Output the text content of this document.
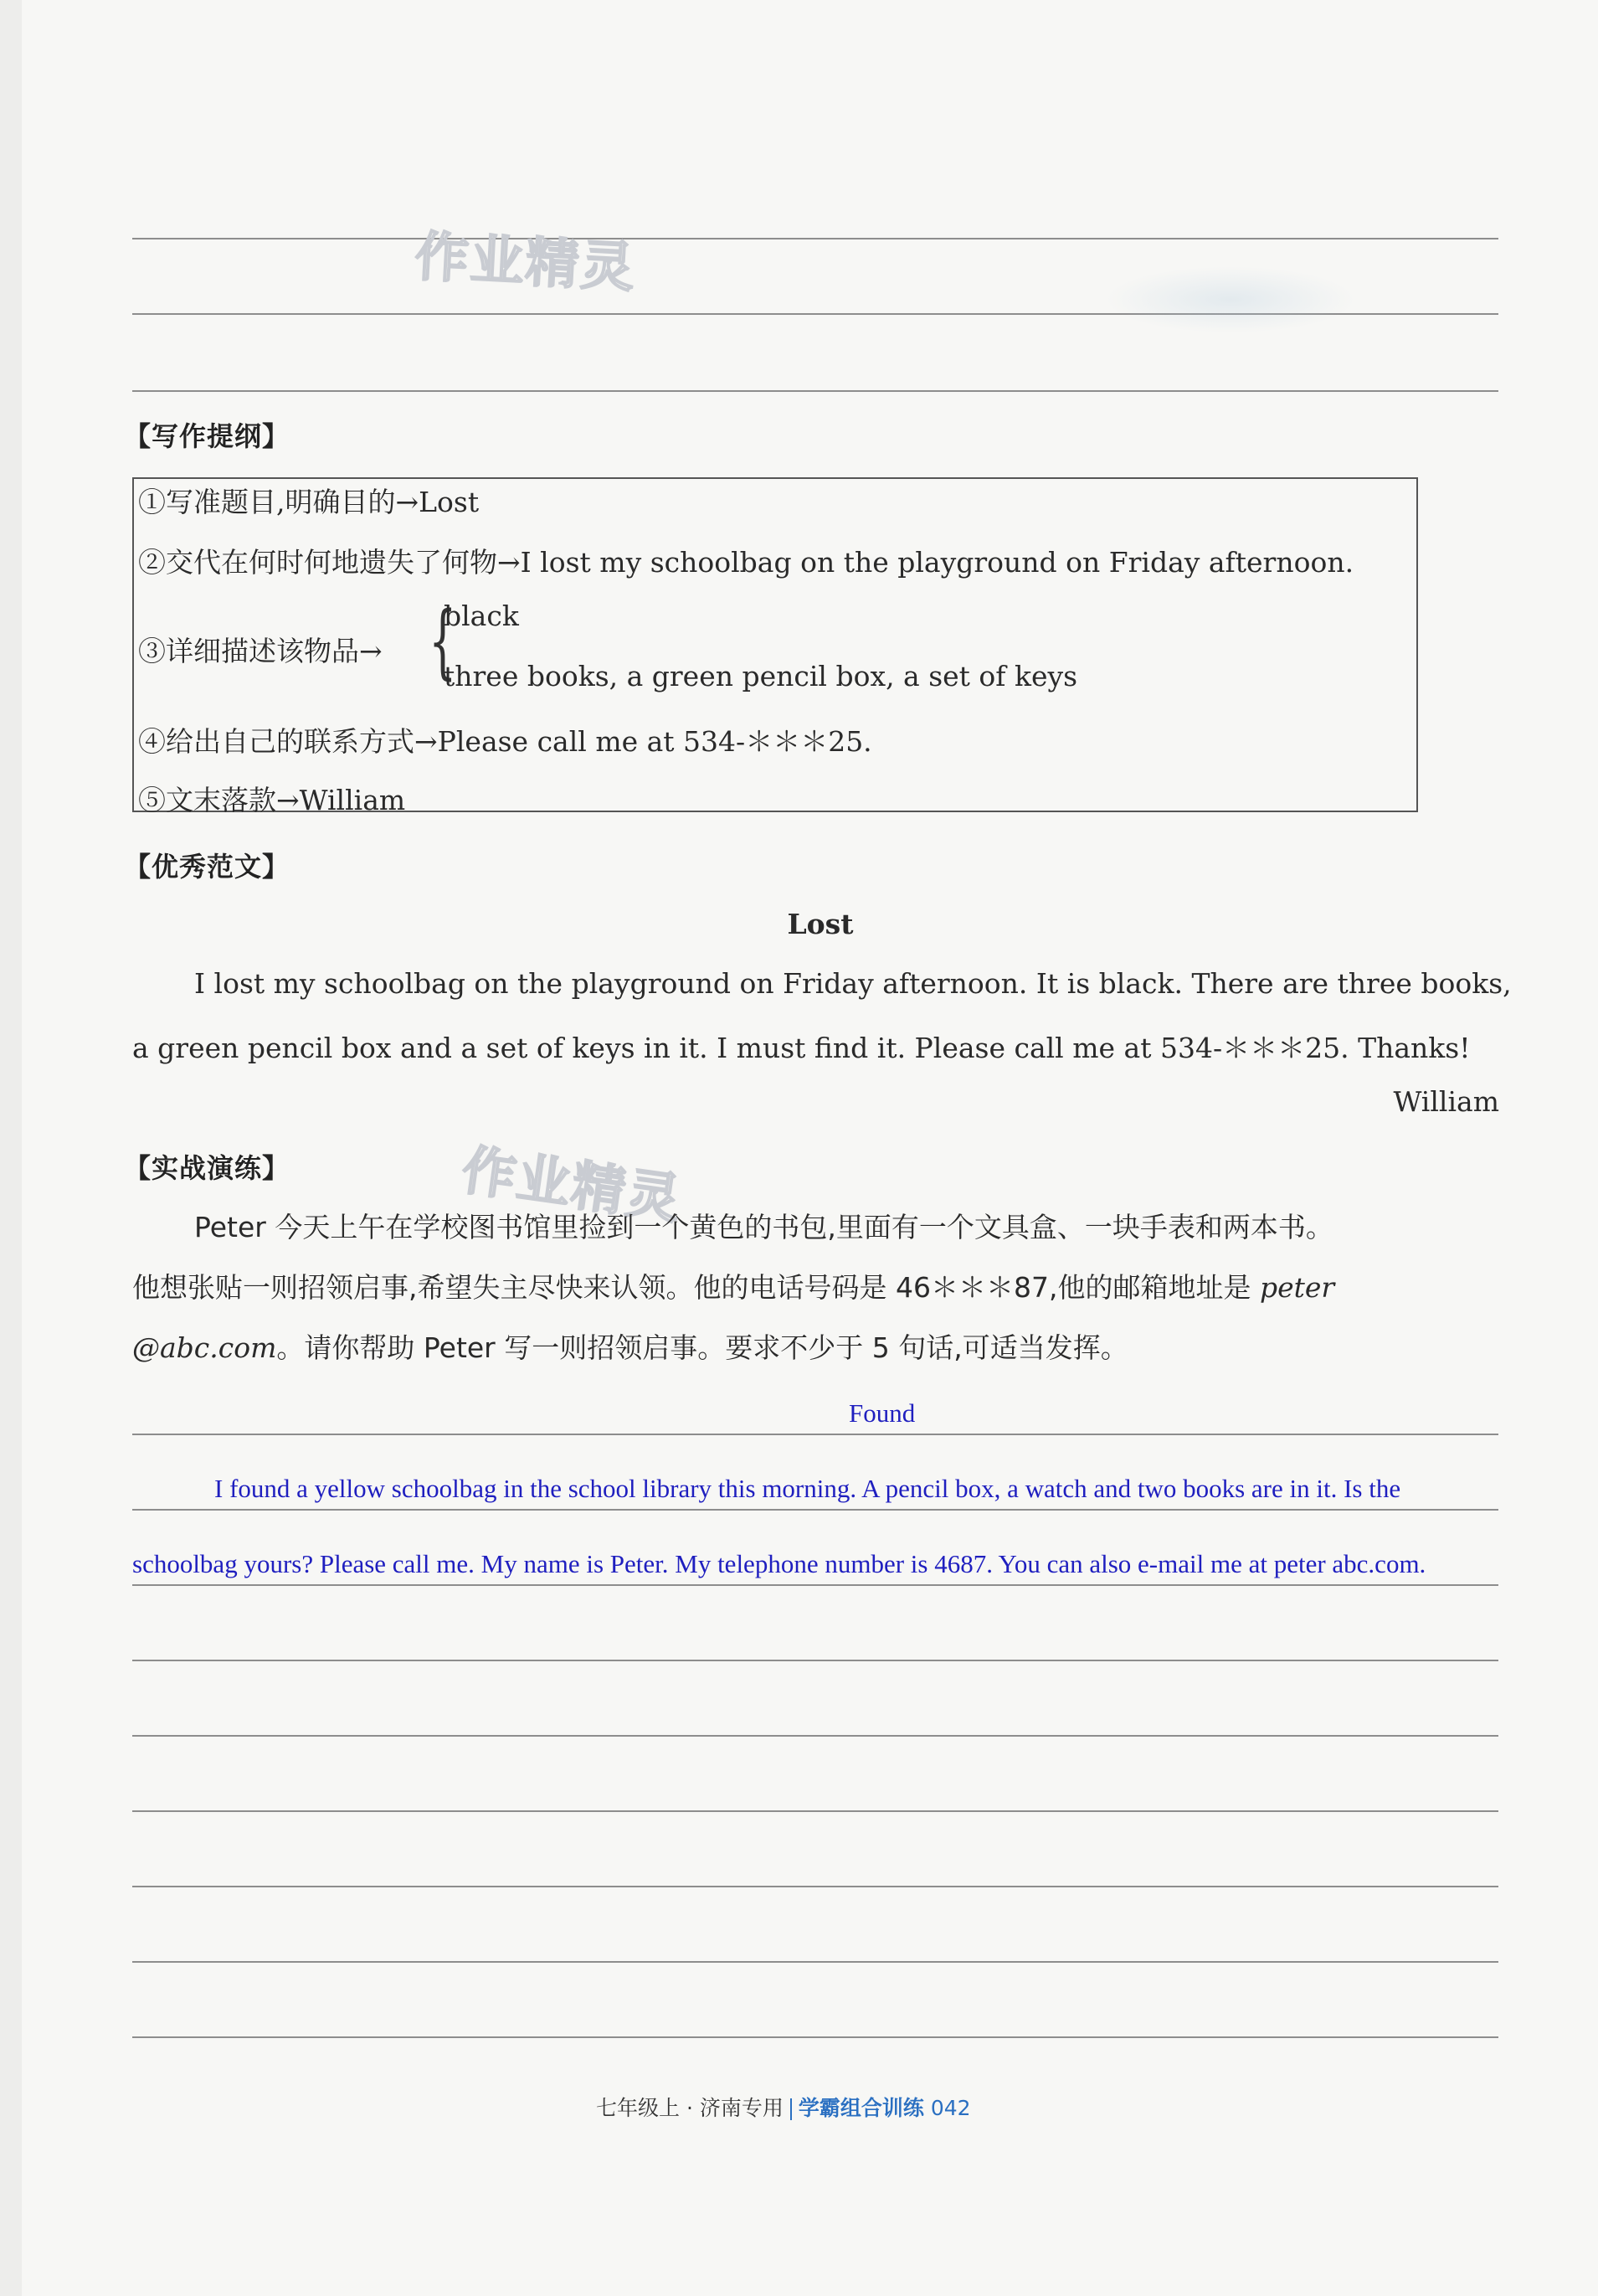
作业精灵
【写作提纲】
①写准题目,明确目的→Lost
②交代在何时何地遗失了何物→I lost my schoolbag on the playground on Friday afternoon.
③详细描述该物品→ {
black
three books, a green pencil box, a set of keys
④给出自己的联系方式→Please call me at 534-＊＊＊25.
⑤文末落款→William
【优秀范文】
Lost
I lost my schoolbag on the playground on Friday afternoon. It is black. There are three books,
a green pencil box and a set of keys in it. I must find it. Please call me at 534-＊＊＊25. Thanks!
William
【实战演练】	作业精灵
Peter 今天上午在学校图书馆里捡到一个黄色的书包,里面有一个文具盒、一块手表和两本书。
他想张贴一则招领启事,希望失主尽快来认领。他的电话号码是 46＊＊＊87,他的邮箱地址是 peter
@abc.com。请你帮助 Peter 写一则招领启事。要求不少于 5 句话,可适当发挥。
Found
I found a yellow schoolbag in the school library this morning. A pencil box, a watch and two books are in it. Is the
schoolbag yours? Please call me. My name is Peter. My telephone number is 4687. You can also e-mail me at peter abc.com.
七年级上 · 济南专用 学霸组合训练 042
